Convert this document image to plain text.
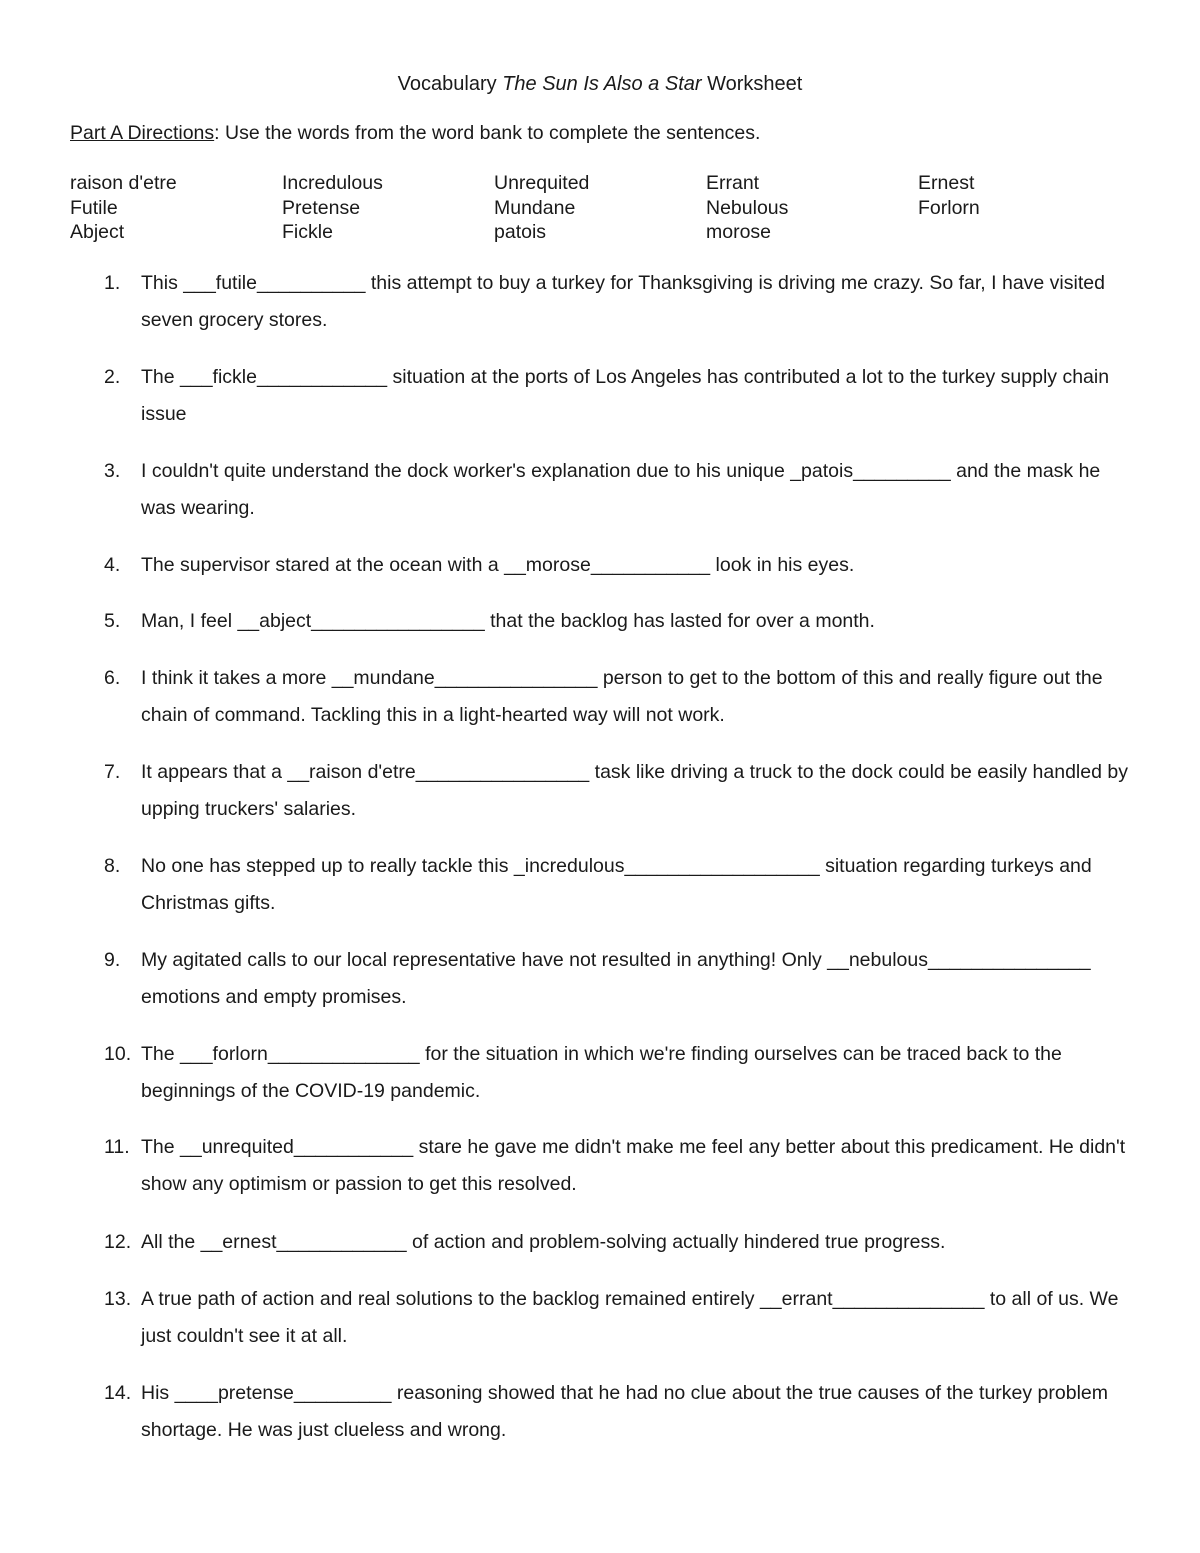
Vocabulary The Sun Is Also a Star Worksheet
Part A Directions: Use the words from the word bank to complete the sentences.
raison d'etre	Incredulous	Unrequited	Errant	Ernest
Futile	Pretense	Mundane	Nebulous	Forlorn
Abject	Fickle	patois	morose
1. This ___futile__________ this attempt to buy a turkey for Thanksgiving is driving me crazy. So far, I have visited seven grocery stores.
2. The ___fickle____________ situation at the ports of Los Angeles has contributed a lot to the turkey supply chain issue
3. I couldn't quite understand the dock worker's explanation due to his unique _patois_________ and the mask he was wearing.
4. The supervisor stared at the ocean with a __morose___________ look in his eyes.
5. Man, I feel __abject________________ that the backlog has lasted for over a month.
6. I think it takes a more __mundane_______________ person to get to the bottom of this and really figure out the chain of command. Tackling this in a light-hearted way will not work.
7. It appears that a __raison d'etre________________ task like driving a truck to the dock could be easily handled by upping truckers' salaries.
8. No one has stepped up to really tackle this _incredulous__________________ situation regarding turkeys and Christmas gifts.
9. My agitated calls to our local representative have not resulted in anything! Only __nebulous_______________ emotions and empty promises.
10. The ___forlorn______________ for the situation in which we're finding ourselves can be traced back to the beginnings of the COVID-19 pandemic.
11. The __unrequited___________ stare he gave me didn't make me feel any better about this predicament. He didn't show any optimism or passion to get this resolved.
12. All the __ernest____________ of action and problem-solving actually hindered true progress.
13. A true path of action and real solutions to the backlog remained entirely __errant______________ to all of us. We just couldn't see it at all.
14. His ____pretense_________ reasoning showed that he had no clue about the true causes of the turkey problem shortage. He was just clueless and wrong.
